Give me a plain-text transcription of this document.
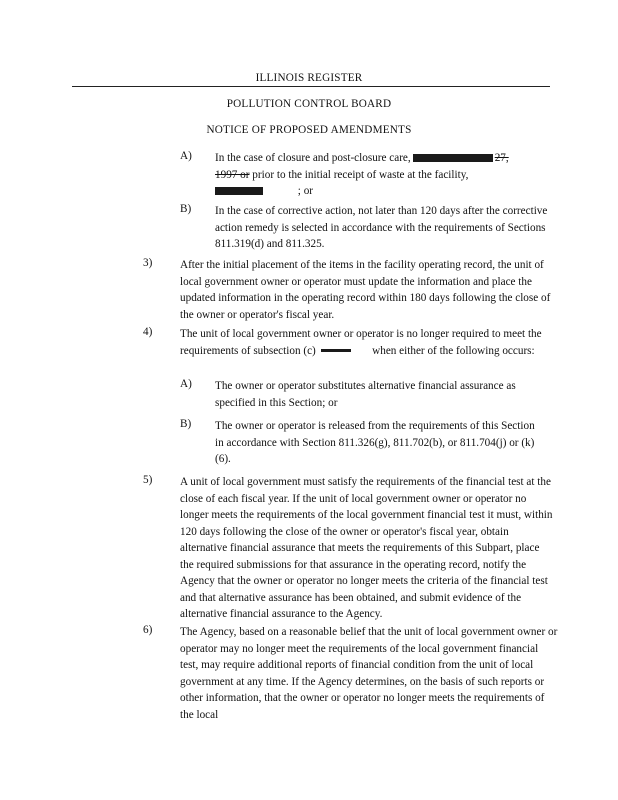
ILLINOIS REGISTER
POLLUTION CONTROL BOARD
NOTICE OF PROPOSED AMENDMENTS
A) In the case of closure and post-closure care,	27,
1997 or prior to the initial receipt of waste at the facility,
; or
B) In the case of corrective action, not later than 120 days after the corrective action remedy is selected in accordance with the requirements of Sections 811.319(d) and 811.325.
3) After the initial placement of the items in the facility operating record, the unit of local government owner or operator must update the information and place the updated information in the operating record within 180 days following the close of the owner or operator's fiscal year.
4) The unit of local government owner or operator is no longer required to meet the requirements of subsection (c)	when either of the following occurs:
A) The owner or operator substitutes alternative financial assurance as specified in this Section; or
B) The owner or operator is released from the requirements of this Section in accordance with Section 811.326(g), 811.702(b), or 811.704(j) or (k)(6).
5) A unit of local government must satisfy the requirements of the financial test at the close of each fiscal year. If the unit of local government owner or operator no longer meets the requirements of the local government financial test it must, within 120 days following the close of the owner or operator's fiscal year, obtain alternative financial assurance that meets the requirements of this Subpart, place the required submissions for that assurance in the operating record, notify the Agency that the owner or operator no longer meets the criteria of the financial test and that alternative assurance has been obtained, and submit evidence of the alternative financial assurance to the Agency.
6) The Agency, based on a reasonable belief that the unit of local government owner or operator may no longer meet the requirements of the local government financial test, may require additional reports of financial condition from the unit of local government at any time. If the Agency determines, on the basis of such reports or other information, that the owner or operator no longer meets the requirements of the local
